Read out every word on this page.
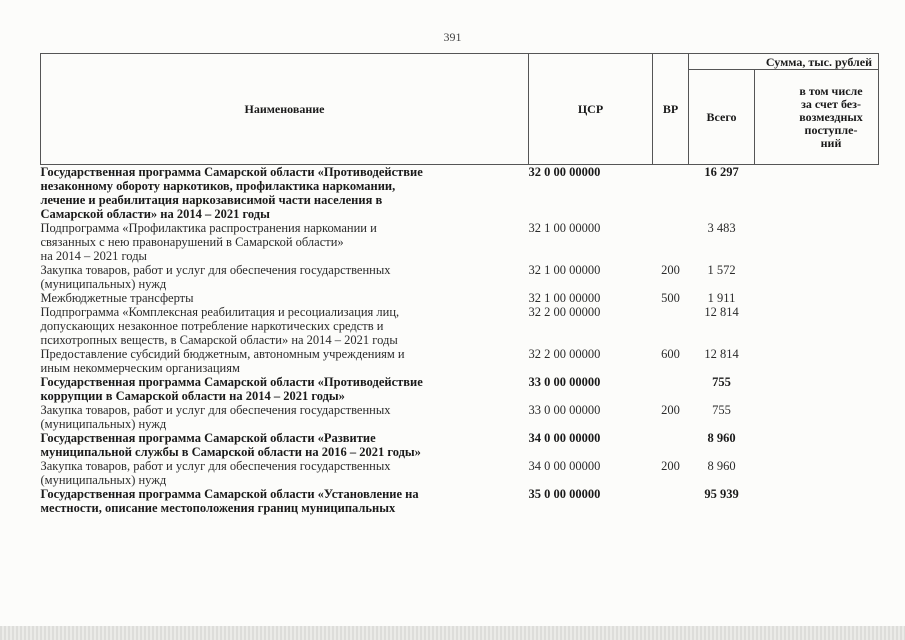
391
Наименование	ЦСР	ВР	Сумма, тыс. рублей	
			Всего	в том числе
за счет без-
возмездных
поступле-
ний
Государственная программа Самарской области «Противодействие
незаконному обороту наркотиков, профилактика наркомании,
лечение и реабилитация наркозависимой части населения в
Самарской области» на 2014 – 2021 годы	32 0 00 00000		16 297	
Подпрограмма «Профилактика распространения наркомании и
связанных с нею правонарушений в Самарской области»
на 2014 – 2021 годы	32 1 00 00000		3 483	
Закупка товаров, работ и услуг для обеспечения государственных
(муниципальных) нужд	32 1 00 00000	200	1 572	
Межбюджетные трансферты	32 1 00 00000	500	1 911	
Подпрограмма «Комплексная реабилитация и ресоциализация лиц,
допускающих незаконное потребление наркотических средств и
психотропных веществ, в Самарской области» на 2014 – 2021 годы	32 2 00 00000		12 814	
Предоставление субсидий бюджетным, автономным учреждениям и
иным некоммерческим организациям	32 2 00 00000	600	12 814	
Государственная программа Самарской области «Противодействие
коррупции в Самарской области на 2014 – 2021 годы»	33 0 00 00000		755	
Закупка товаров, работ и услуг для обеспечения государственных
(муниципальных) нужд	33 0 00 00000	200	755	
Государственная программа Самарской области «Развитие
муниципальной службы в Самарской области на 2016 – 2021 годы»	34 0 00 00000		8 960	
Закупка товаров, работ и услуг для обеспечения государственных
(муниципальных) нужд	34 0 00 00000	200	8 960	
Государственная программа Самарской области «Установление на
местности, описание местоположения границ муниципальных	35 0 00 00000		95 939	
